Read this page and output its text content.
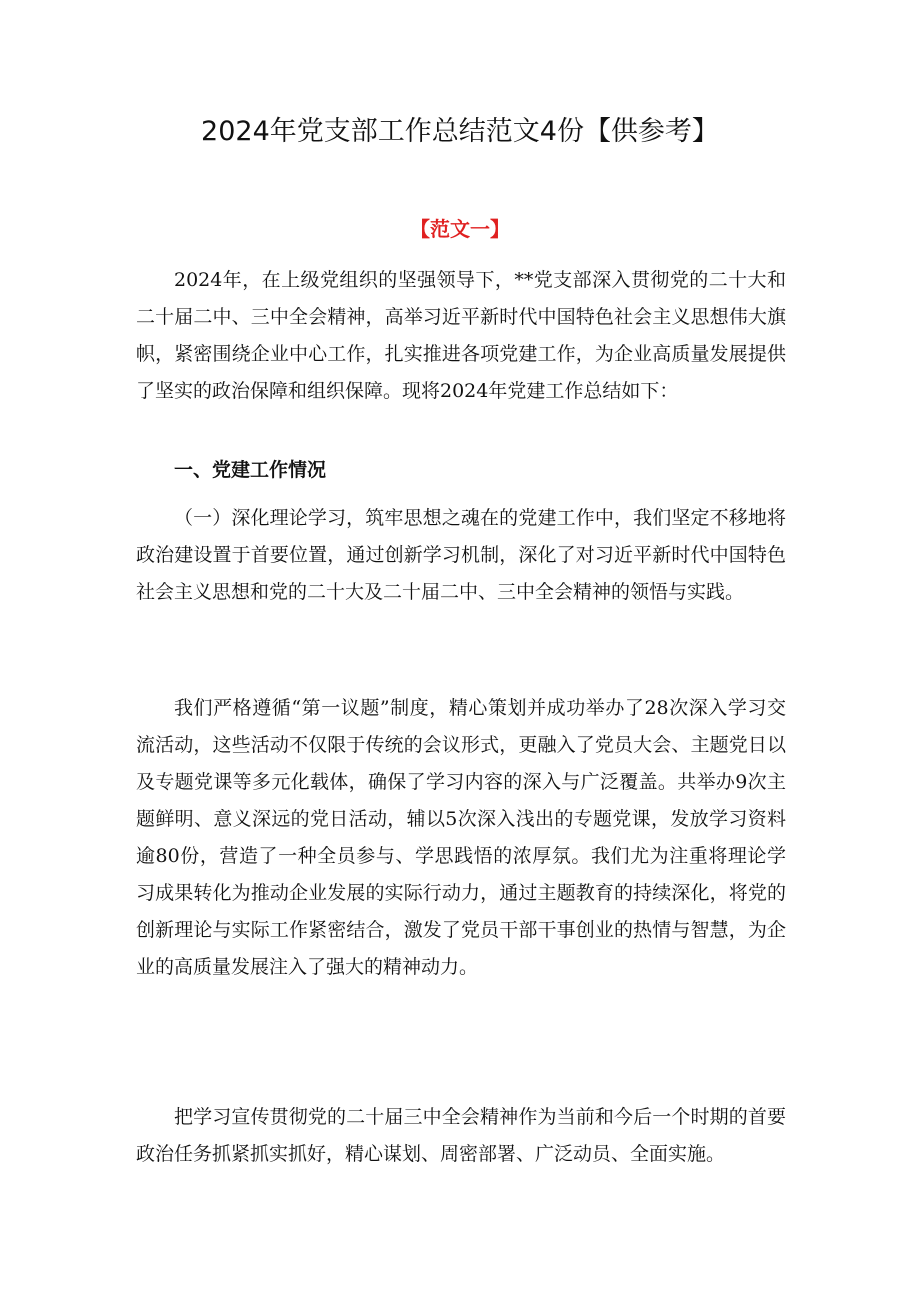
2024年党支部工作总结范文4份【供参考】
【范文一】

2024年，在上级党组织的坚强领导下，**党支部深入贯彻党的二十大和二十届二中、三中全会精神，高举习近平新时代中国特色社会主义思想伟大旗帜，紧密围绕企业中心工作，扎实推进各项党建工作，为企业高质量发展提供了坚实的政治保障和组织保障。现将2024年党建工作总结如下：

一、党建工作情况

（一）深化理论学习，筑牢思想之魂在的党建工作中，我们坚定不移地将政治建设置于首要位置，通过创新学习机制，深化了对习近平新时代中国特色社会主义思想和党的二十大及二十届二中、三中全会精神的领悟与实践。

我们严格遵循“第一议题”制度，精心策划并成功举办了28次深入学习交流活动，这些活动不仅限于传统的会议形式，更融入了党员大会、主题党日以及专题党课等多元化载体，确保了学习内容的深入与广泛覆盖。共举办9次主题鲜明、意义深远的党日活动，辅以5次深入浅出的专题党课，发放学习资料逾80份，营造了一种全员参与、学思践悟的浓厚氛。我们尤为注重将理论学习成果转化为推动企业发展的实际行动力，通过主题教育的持续深化，将党的创新理论与实际工作紧密结合，激发了党员干部干事创业的热情与智慧，为企业的高质量发展注入了强大的精神动力。

把学习宣传贯彻党的二十届三中全会精神作为当前和今后一个时期的首要政治任务抓紧抓实抓好，精心谋划、周密部署、广泛动员、全面实施。
